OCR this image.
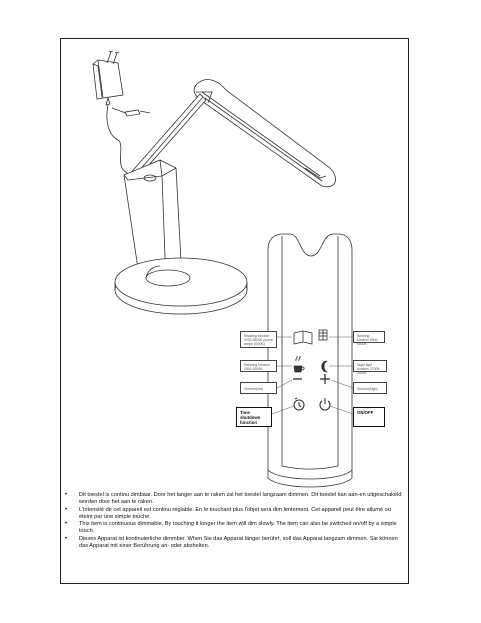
Reading function 3200-3500K (some lamps 6000K)
Working function 5500-6500K
Relaxing function 2800-3200K
Night light function 2700K-3000K
Dimmer(low)	Dimmer(high)
Time shutdown function
ON/OFF
• Dit toestel is continu dimbaar. Door het langer aan te raken zal het toestel langzaam dimmen. Dit toestel kan aan-en uitgeschakeld worden door het aan te raken.
• L'intensité de cet appareil est continu réglable. En le touchant plus l'objet sera dim lentement. Cet appareil peut être allumé ou éteint par une simple touche.
• This item is continuous dimmable. By touching it longer the item will dim slowly. The item can also be switched on/off by a simple touch.
• Dieses Apparat ist kontinuierliche dimmber. When Sie das Apparat länger berührt, soll das Apparat langzam dimmen. Sie können das Apparat mit einer Berührung an- oder abshelten.
